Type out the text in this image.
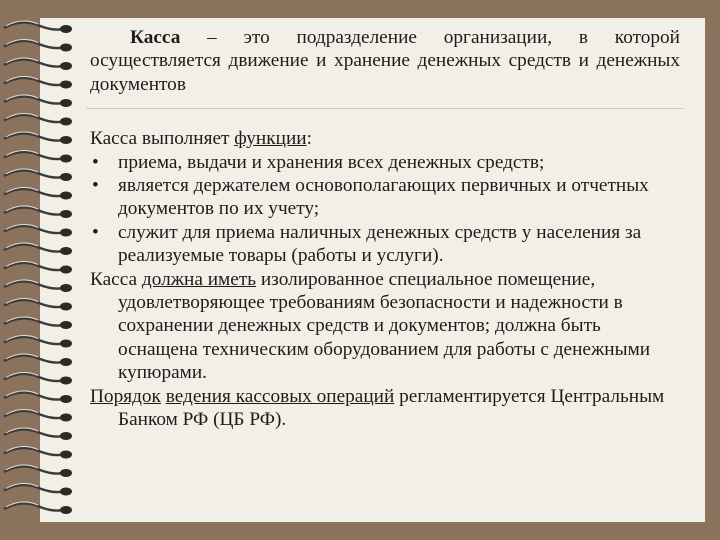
Касса – это подразделение организации, в которой осуществляется движение и хранение денежных средств и денежных документов
Касса выполняет функции:
• приема, выдачи и хранения всех денежных средств;
• является держателем основополагающих первичных и отчетных документов по их учету;
• служит для приема наличных денежных средств у населения за реализуемые товары (работы и услуги).
Касса должна иметь изолированное специальное помещение, удовлетворяющее требованиям безопасности и надежности в сохранении денежных средств и документов; должна быть оснащена техническим оборудованием для работы с денежными купюрами.
Порядок ведения кассовых операций регламентируется Центральным Банком РФ (ЦБ РФ).
